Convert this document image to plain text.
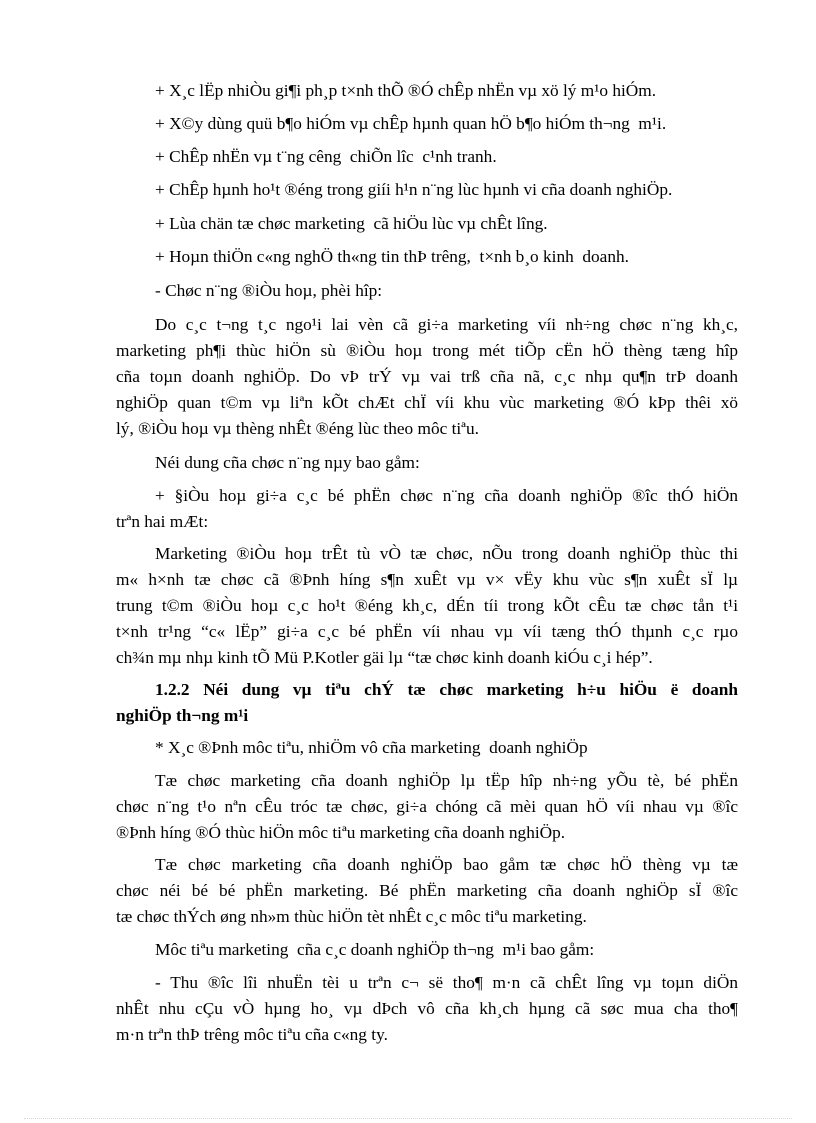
+ X¸c lËp nhiÒu gi¶i ph¸p t×nh thÕ ®Ó chÊp nhËn vµ xö lý m¹o hiÓm.
+ X©y dùng quü b¶o hiÓm vµ chÊp hµnh quan hÖ b¶o hiÓm th¬ng  m¹i.
+ ChÊp nhËn vµ t¨ng cêng  chiÕn lîc  c¹nh tranh.
+ ChÊp hµnh ho¹t ®éng trong giíi h¹n n¨ng lùc hµnh vi cña doanh nghiÖp.
+ Lùa chän tæ chøc marketing  cã hiÖu lùc vµ chÊt lîng.
+ Hoµn thiÖn c«ng nghÖ th«ng tin thÞ trêng,  t×nh b¸o kinh  doanh.
- Chøc n¨ng ®iÒu hoµ, phèi hîp:
Do c¸c t¬ng t¸c ngo¹i lai vèn cã gi÷a marketing víi nh÷ng chøc n¨ng kh¸c,
marketing ph¶i thùc hiÖn sù ®iÒu hoµ trong mét tiÕp cËn hÖ thèng tæng hîp
cña toµn doanh nghiÖp. Do vÞ trÝ vµ vai trß cña nã, c¸c nhµ qu¶n trÞ doanh
nghiÖp quan t©m vµ liªn kÕt chÆt chÏ víi khu vùc marketing ®Ó kÞp thêi xö
lý, ®iÒu hoµ vµ thèng nhÊt ®éng lùc theo môc tiªu.
Néi dung cña chøc n¨ng nµy bao gåm:
+ §iÒu hoµ gi÷a c¸c bé phËn chøc n¨ng cña doanh nghiÖp ®îc thÓ hiÖn
trªn hai mÆt:
Marketing ®iÒu hoµ trÊt tù vÒ tæ chøc, nÕu trong doanh nghiÖp thùc thi
m« h×nh tæ chøc cã ®Þnh híng s¶n xuÊt vµ v× vËy khu vùc s¶n xuÊt sÏ lµ
trung t©m ®iÒu hoµ c¸c ho¹t ®éng kh¸c, dÉn tíi trong kÕt cÊu tæ chøc tån t¹i
t×nh tr¹ng “c« lËp” gi÷a c¸c bé phËn víi nhau vµ víi tæng thÓ thµnh c¸c rµo
ch¾n mµ nhµ kinh tÕ Mü P.Kotler gäi lµ “tæ chøc kinh doanh kiÓu c¸i hép”.
1.2.2 Néi dung vµ tiªu chÝ tæ chøc marketing h÷u hiÖu ë doanh
nghiÖp th¬ng m¹i
* X¸c ®Þnh môc tiªu, nhiÖm vô cña marketing  doanh nghiÖp
Tæ chøc marketing cña doanh nghiÖp lµ tËp hîp nh÷ng yÕu tè, bé phËn
chøc n¨ng t¹o nªn cÊu tróc tæ chøc, gi÷a chóng cã mèi quan hÖ víi nhau vµ ®îc
®Þnh híng ®Ó thùc hiÖn môc tiªu marketing cña doanh nghiÖp.
Tæ chøc marketing cña doanh nghiÖp bao gåm tæ chøc hÖ thèng vµ tæ
chøc néi bé bé phËn marketing. Bé phËn marketing cña doanh nghiÖp sÏ ®îc
tæ chøc thÝch øng nh»m thùc hiÖn tèt nhÊt c¸c môc tiªu marketing.
Môc tiªu marketing  cña c¸c doanh nghiÖp th¬ng  m¹i bao gåm:
- Thu ®îc lîi nhuËn tèi u trªn c¬ së tho¶ m·n cã chÊt lîng vµ toµn diÖn
nhÊt nhu cÇu vÒ hµng ho¸ vµ dÞch vô cña kh¸ch hµng cã søc mua cha tho¶
m·n trªn thÞ trêng môc tiªu cña c«ng ty.
